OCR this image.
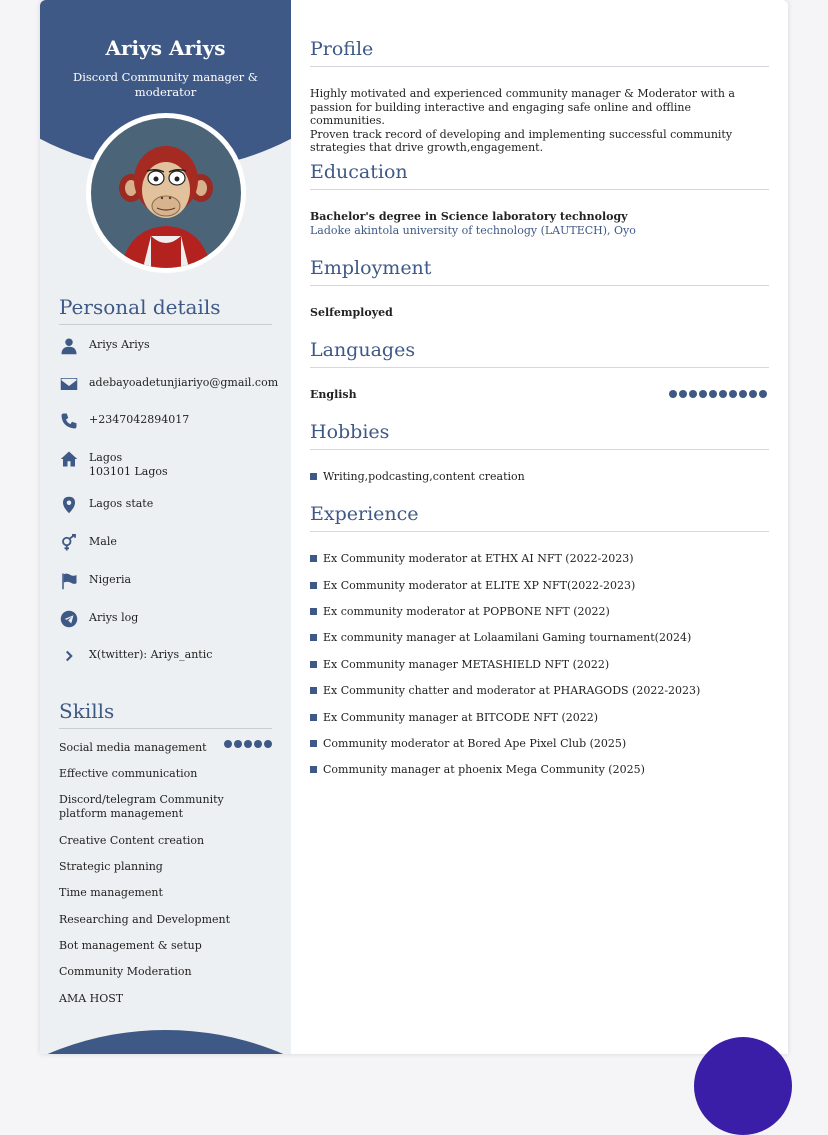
Ariys Ariys
Discord Community manager & moderator
Personal details
Ariys Ariys
adebayoadetunjiariyo@gmail.com
+2347042894017
Lagos
103101 Lagos
Lagos state
Male
Nigeria
Ariys log
X(twitter): Ariys_antic
Skills
Social media management
Effective communication
Discord/telegram Community platform management
Creative Content creation
Strategic planning
Time management
Researching and Development
Bot management & setup
Community Moderation
AMA HOST
Profile
Highly motivated and experienced community manager & Moderator with a passion for building interactive and engaging safe online and offline communities.
Proven track record of developing and implementing successful community strategies that drive growth,engagement.
Education
Bachelor's degree in Science laboratory technology
Ladoke akintola university of technology (LAUTECH), Oyo
Employment
Selfemployed
Languages
English
Hobbies
Writing,podcasting,content creation
Experience
Ex Community moderator at ETHX AI NFT (2022-2023)
Ex Community moderator at ELITE XP NFT(2022-2023)
Ex community moderator at POPBONE NFT (2022)
Ex community manager at Lolaamilani Gaming tournament(2024)
Ex Community manager METASHIELD NFT (2022)
Ex Community chatter and moderator at PHARAGODS (2022-2023)
Ex Community manager at BITCODE NFT (2022)
Community moderator at Bored Ape Pixel Club (2025)
Community manager at phoenix Mega Community (2025)
